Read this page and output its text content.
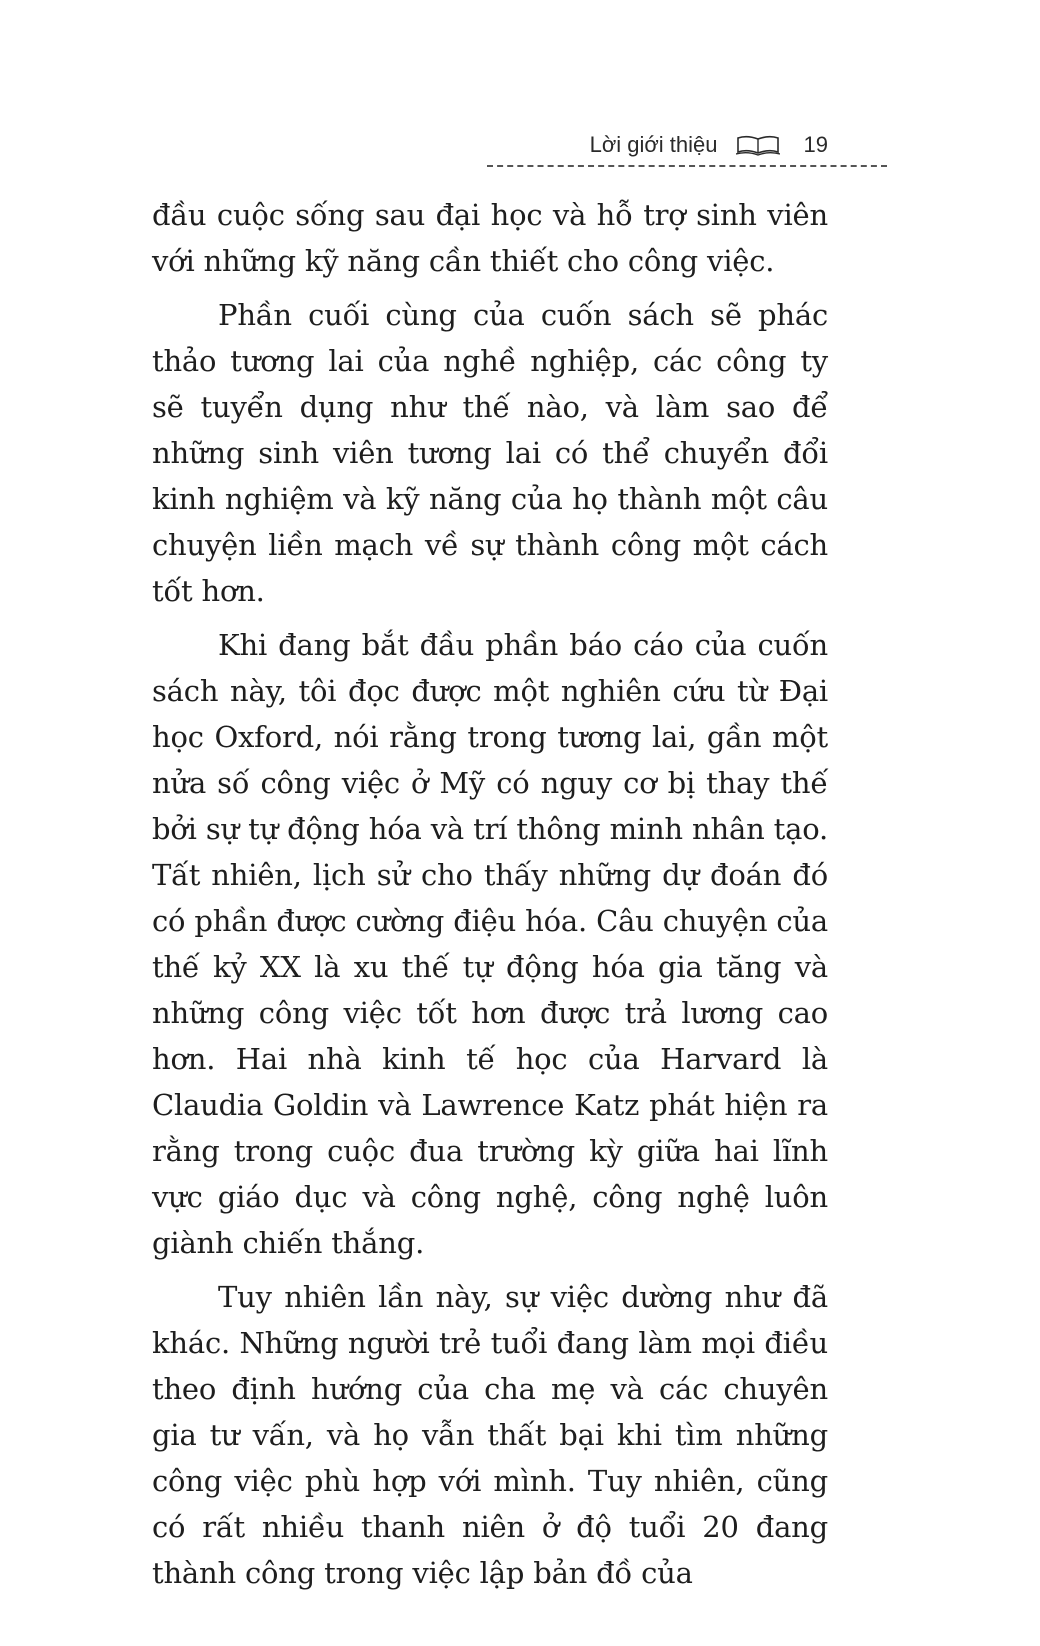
Lời giới thiệu	19

đầu cuộc sống sau đại học và hỗ trợ sinh viên với những kỹ năng cần thiết cho công việc.

Phần cuối cùng của cuốn sách sẽ phác thảo tương lai của nghề nghiệp, các công ty sẽ tuyển dụng như thế nào, và làm sao để những sinh viên tương lai có thể chuyển đổi kinh nghiệm và kỹ năng của họ thành một câu chuyện liền mạch về sự thành công một cách tốt hơn.

Khi đang bắt đầu phần báo cáo của cuốn sách này, tôi đọc được một nghiên cứu từ Đại học Oxford, nói rằng trong tương lai, gần một nửa số công việc ở Mỹ có nguy cơ bị thay thế bởi sự tự động hóa và trí thông minh nhân tạo. Tất nhiên, lịch sử cho thấy những dự đoán đó có phần được cường điệu hóa. Câu chuyện của thế kỷ XX là xu thế tự động hóa gia tăng và những công việc tốt hơn được trả lương cao hơn. Hai nhà kinh tế học của Harvard là Claudia Goldin và Lawrence Katz phát hiện ra rằng trong cuộc đua trường kỳ giữa hai lĩnh vực giáo dục và công nghệ, công nghệ luôn giành chiến thắng.

Tuy nhiên lần này, sự việc dường như đã khác. Những người trẻ tuổi đang làm mọi điều theo định hướng của cha mẹ và các chuyên gia tư vấn, và họ vẫn thất bại khi tìm những công việc phù hợp với mình. Tuy nhiên, cũng có rất nhiều thanh niên ở độ tuổi 20 đang thành công trong việc lập bản đồ của
